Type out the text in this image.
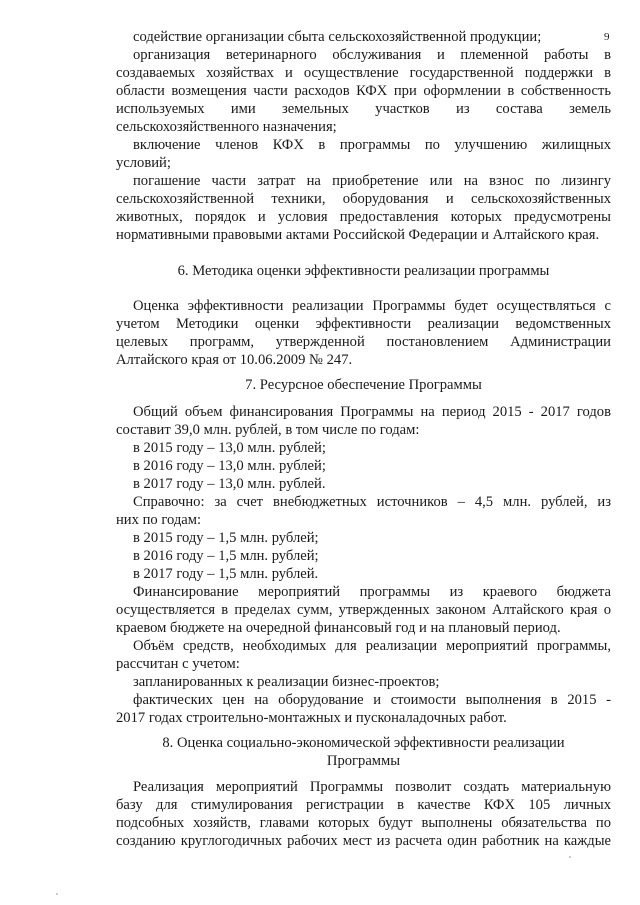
9
содействие организации сбыта сельскохозяйственной продукции;
организация ветеринарного обслуживания и племенной работы в
создаваемых хозяйствах и осуществление государственной поддержки в
области возмещения части расходов КФХ при оформлении в собственность
используемых ими земельных участков из состава земель
сельскохозяйственного назначения;
включение членов КФХ в программы по улучшению жилищных
условий;
погашение части затрат на приобретение или на взнос по лизингу
сельскохозяйственной техники, оборудования и сельскохозяйственных
животных, порядок и условия предоставления которых предусмотрены
нормативными правовыми актами Российской Федерации и Алтайского края.
6. Методика оценки эффективности реализации программы
Оценка эффективности реализации Программы будет осуществляться с
учетом Методики оценки эффективности реализации ведомственных
целевых программ, утвержденной постановлением Администрации
Алтайского края от 10.06.2009 № 247.
7. Ресурсное обеспечение Программы
Общий объем финансирования Программы на период 2015 - 2017 годов
составит 39,0 млн. рублей, в том числе по годам:
в 2015 году – 13,0 млн. рублей;
в 2016 году – 13,0 млн. рублей;
в 2017 году – 13,0 млн. рублей.
Справочно: за счет внебюджетных источников – 4,5 млн. рублей, из
них по годам:
в 2015 году – 1,5 млн. рублей;
в 2016 году – 1,5 млн. рублей;
в 2017 году – 1,5 млн. рублей.
Финансирование мероприятий программы из краевого бюджета
осуществляется в пределах сумм, утвержденных законом Алтайского края о
краевом бюджете на очередной финансовый год и на плановый период.
Объём средств, необходимых для реализации мероприятий программы,
рассчитан с учетом:
запланированных к реализации бизнес-проектов;
фактических цен на оборудование и стоимости выполнения в 2015 -
2017 годах строительно-монтажных и пусконаладочных работ.
8. Оценка социально-экономической эффективности реализации
Программы
Реализация мероприятий Программы позволит создать материальную
базу для стимулирования регистрации в качестве КФХ 105 личных
подсобных хозяйств, главами которых будут выполнены обязательства по
созданию круглогодичных рабочих мест из расчета один работник на каждые
